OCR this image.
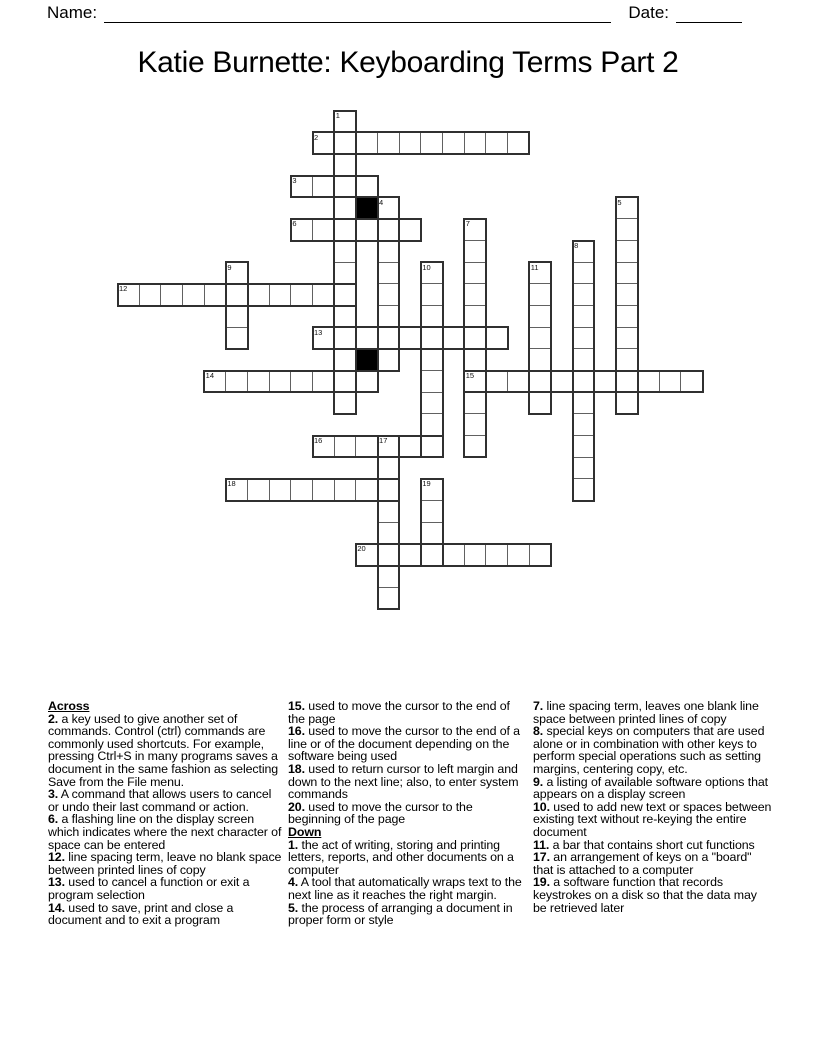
Name:	Date:
Katie Burnette: Keyboarding Terms Part 2
1
2
3
4	5
6	7
8
9	10	11
12
13
14	15
16	17
18	19
20
Across
2. a key used to give another set of commands. Control (ctrl) commands are commonly used shortcuts. For example, pressing Ctrl+S in many programs saves a document in the same fashion as selecting Save from the File menu.
3. A command that allows users to cancel or undo their last command or action.
6. a flashing line on the display screen which indicates where the next character of space can be entered
12. line spacing term, leave no blank space between printed lines of copy
13. used to cancel a function or exit a program selection
14. used to save, print and close a document and to exit a program
15. used to move the cursor to the end of the page
16. used to move the cursor to the end of a line or of the document depending on the software being used
18. used to return cursor to left margin and down to the next line; also, to enter system commands
20. used to move the cursor to the beginning of the page
Down
1. the act of writing, storing and printing letters, reports, and other documents on a computer
4. A tool that automatically wraps text to the next line as it reaches the right margin.
5. the process of arranging a document in proper form or style
7. line spacing term, leaves one blank line space between printed lines of copy
8. special keys on computers that are used alone or in combination with other keys to perform special operations such as setting margins, centering copy, etc.
9. a listing of available software options that appears on a display screen
10. used to add new text or spaces between existing text without re-keying the entire document
11. a bar that contains short cut functions
17. an arrangement of keys on a "board" that is attached to a computer
19. a software function that records keystrokes on a disk so that the data may be retrieved later
